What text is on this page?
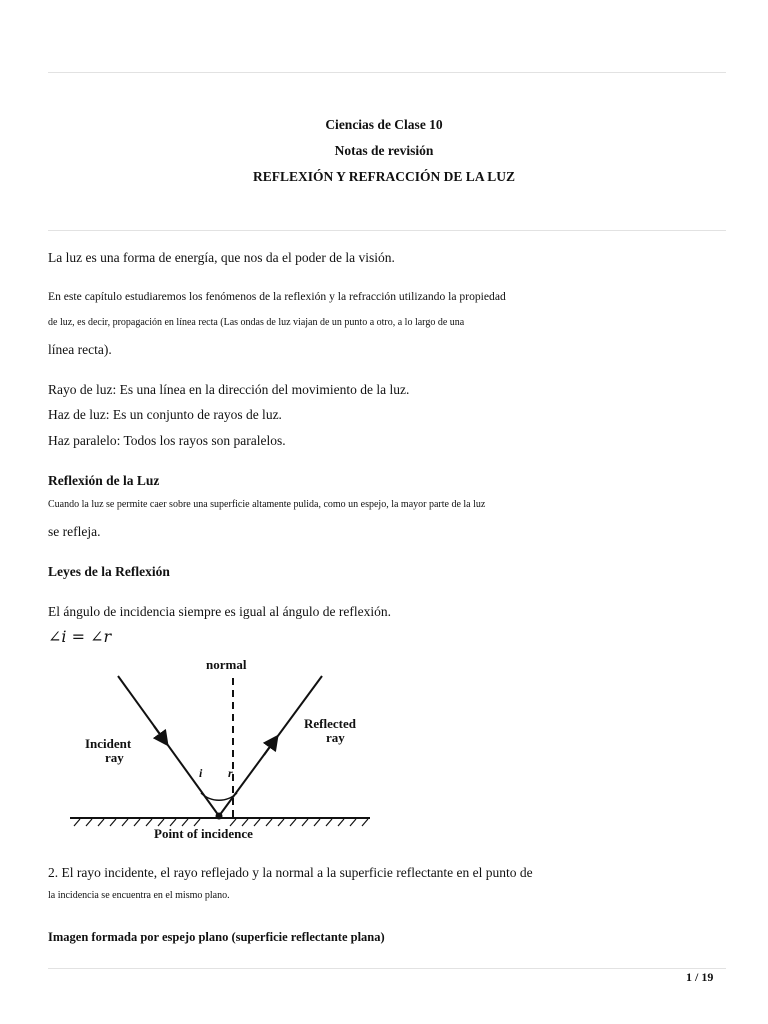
Ciencias de Clase 10
Notas de revisión
REFLEXIÓN Y REFRACCIÓN DE LA LUZ
La luz es una forma de energía, que nos da el poder de la visión.
En este capítulo estudiaremos los fenómenos de la reflexión y la refracción utilizando la propiedad
de luz, es decir, propagación en línea recta (Las ondas de luz viajan de un punto a otro, a lo largo de una
línea recta).
Rayo de luz: Es una línea en la dirección del movimiento de la luz.
Haz de luz: Es un conjunto de rayos de luz.
Haz paralelo: Todos los rayos son paralelos.
Reflexión de la Luz
Cuando la luz se permite caer sobre una superficie altamente pulida, como un espejo, la mayor parte de la luz
se refleja.
Leyes de la Reflexión
El ángulo de incidencia siempre es igual al ángulo de reflexión.
∠i = ∠r
normal
Incident
ray
Reflected
ray
i r
Point of incidence
2. El rayo incidente, el rayo reflejado y la normal a la superficie reflectante en el punto de
la incidencia se encuentra en el mismo plano.
Imagen formada por espejo plano (superficie reflectante plana)
1 / 19
